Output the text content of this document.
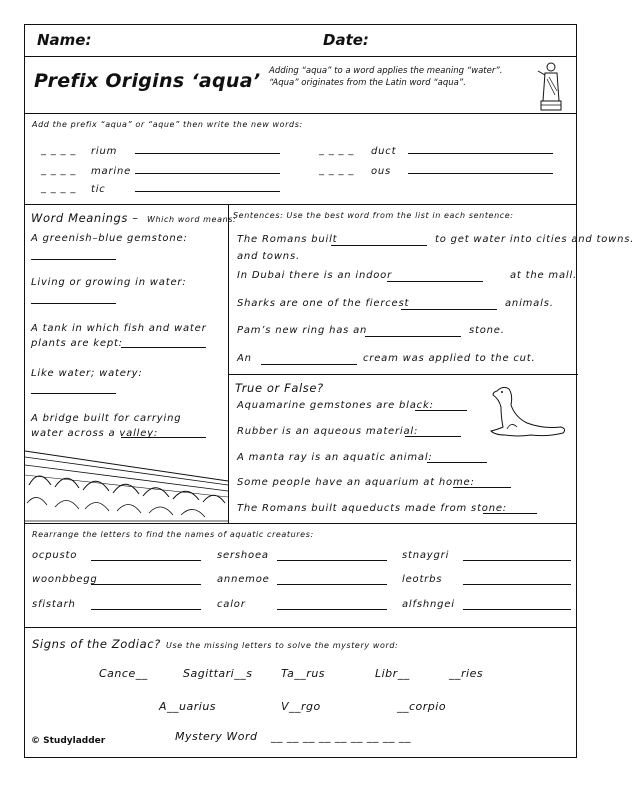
Name:	Date:
Prefix Origins ‘aqua’ Adding “aqua” to a word applies the meaning “water”.
“Aqua” originates from the Latin word “aqua”.
Add the prefix “aqua” or “aque” then write the new words:
_ _ _ _ rium
_ _ _ _ marine
_ _ _ _ tic
_ _ _ _ duct
_ _ _ _ ous
Word Meanings – Which word means:
A greenish–blue gemstone:
Living or growing in water:
A tank in which fish and water plants are kept:
Like water; watery:
A bridge built for carrying water across a valley:
Sentences: Use the best word from the list in each sentence:
The Romans built	to get water into cities and towns.
and towns.
In Dubai there is an indoor	at the mall.
Sharks are one of the fiercest	animals.
Pam’s new ring has an	stone.
An	cream was applied to the cut.
True or False?
Aquamarine gemstones are black:
Rubber is an aqueous material:
A manta ray is an aquatic animal:
Some people have an aquarium at home:
The Romans built aqueducts made from stone:
Rearrange the letters to find the names of aquatic creatures:
ocpusto	sershoea	stnaygri
woonbbegg	annemoe	leotrbs
sfistarh	calor	alfshngei
Signs of the Zodiac? Use the missing letters to solve the mystery word:
Cance__	Sagittari__s	Ta__rus	Libr__	__ries
A__uarius	V__rgo	__corpio
Mystery Word __ __ __ __ __ __ __ __ __
© Studyladder
